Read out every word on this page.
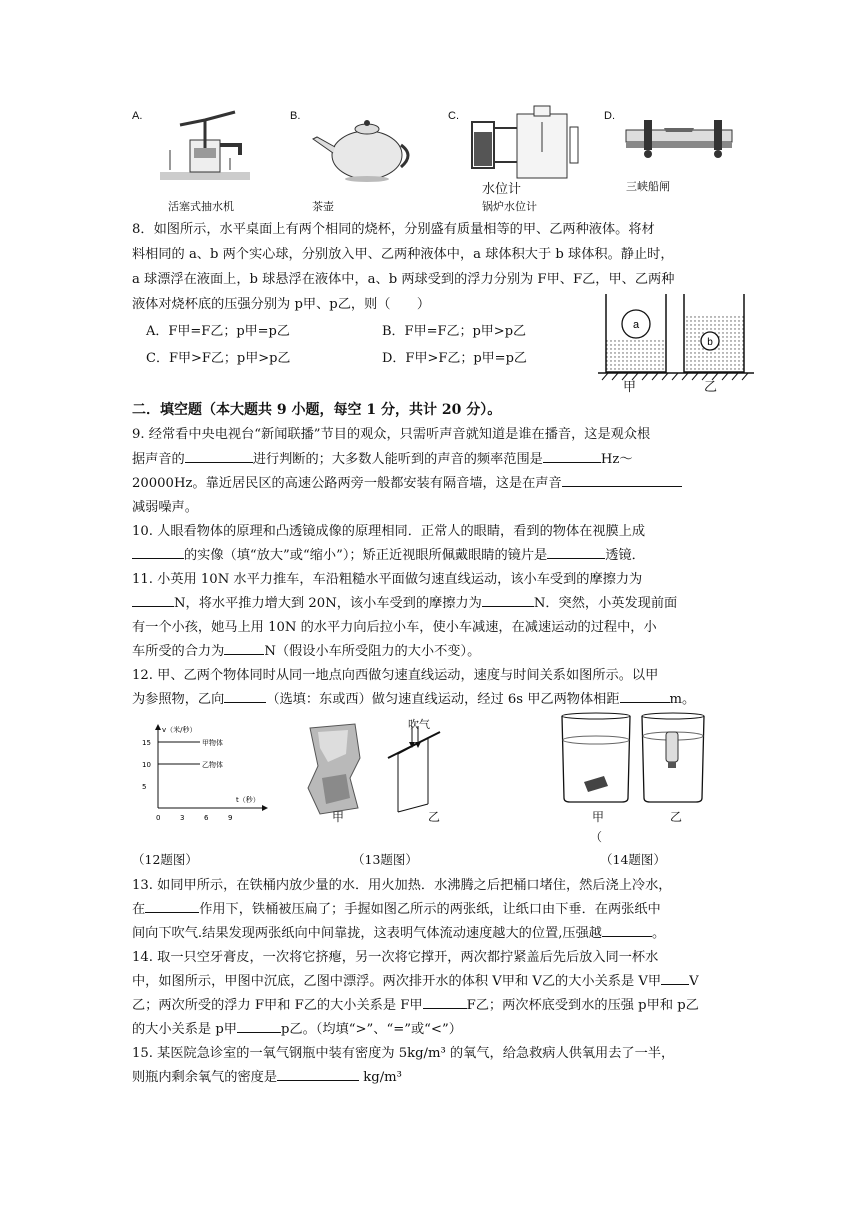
A.
活塞式抽水机
B.
茶壶
C.
水位计
锅炉水位计
D.
三峡船闸
8．如图所示，水平桌面上有两个相同的烧杯，分别盛有质量相等的甲、乙两种液体。将材
料相同的 a、b 两个实心球，分别放入甲、乙两种液体中，a 球体积大于 b 球体积。静止时，
a 球漂浮在液面上，b 球悬浮在液体中，a、b 两球受到的浮力分别为 F甲、F乙，甲、乙两种
液体对烧杯底的压强分别为 p甲、p乙，则（　　）
A．F甲=F乙；p甲=p乙	B．F甲=F乙；p甲>p乙
C．F甲>F乙；p甲>p乙	D．F甲>F乙；p甲=p乙
a
b
甲	乙
二．填空题（本大题共 9 小题，每空 1 分，共计 20 分）。
9. 经常看中央电视台“新闻联播”节目的观众，只需听声音就知道是谁在播音，这是观众根
据声音的	进行判断的；大多数人能听到的声音的频率范围是	Hz～
20000Hz。靠近居民区的高速公路两旁一般都安装有隔音墙，这是在声音
减弱噪声。
10. 人眼看物体的原理和凸透镜成像的原理相同．正常人的眼睛，看到的物体在视膜上成
的实像（填“放大”或“缩小”）；矫正近视眼所佩戴眼睛的镜片是	透镜．
11. 小英用 10N 水平力推车，车沿粗糙水平面做匀速直线运动，该小车受到的摩擦力为
N，将水平推力增大到 20N，该小车受到的摩擦力为	N．突然，小英发现前面
有一个小孩，她马上用 10N 的水平力向后拉小车，使小车减速，在减速运动的过程中，小
车所受的合力为	N（假设小车所受阻力的大小不变）。
12. 甲、乙两个物体同时从同一地点向西做匀速直线运动，速度与时间关系如图所示。以甲
为参照物，乙向	（选填：东或西）做匀速直线运动，经过 6s 甲乙两物体相距	m。
v（米/秒）
t（秒）
15
10
5
0	3	6	9
甲物体
乙物体
吹气
甲	乙	甲	乙
（
（12题图）	（13题图）	（14题图）
13. 如同甲所示，在铁桶内放少量的水．用火加热．水沸腾之后把桶口堵住，然后浇上冷水，
在	作用下，铁桶被压扁了；手握如图乙所示的两张纸，让纸口由下垂．在两张纸中
间向下吹气.结果发现两张纸向中间靠拢，这表明气体流动速度越大的位置,压强越	。
14. 取一只空牙膏皮，一次将它挤瘪，另一次将它撑开，两次都拧紧盖后先后放入同一杯水
中，如图所示，甲图中沉底，乙图中漂浮。两次排开水的体积 V甲和 V乙的大小关系是 V甲 V
乙；两次所受的浮力 F甲和 F乙的大小关系是 F甲	F乙；两次杯底受到水的压强 p甲和 p乙
的大小关系是 p甲	p乙。（均填“>”、“=”或“<”）
15. 某医院急诊室的一氧气钢瓶中装有密度为 5kg/m³ 的氧气，给急救病人供氧用去了一半，
则瓶内剩余氧气的密度是	kg/m³
